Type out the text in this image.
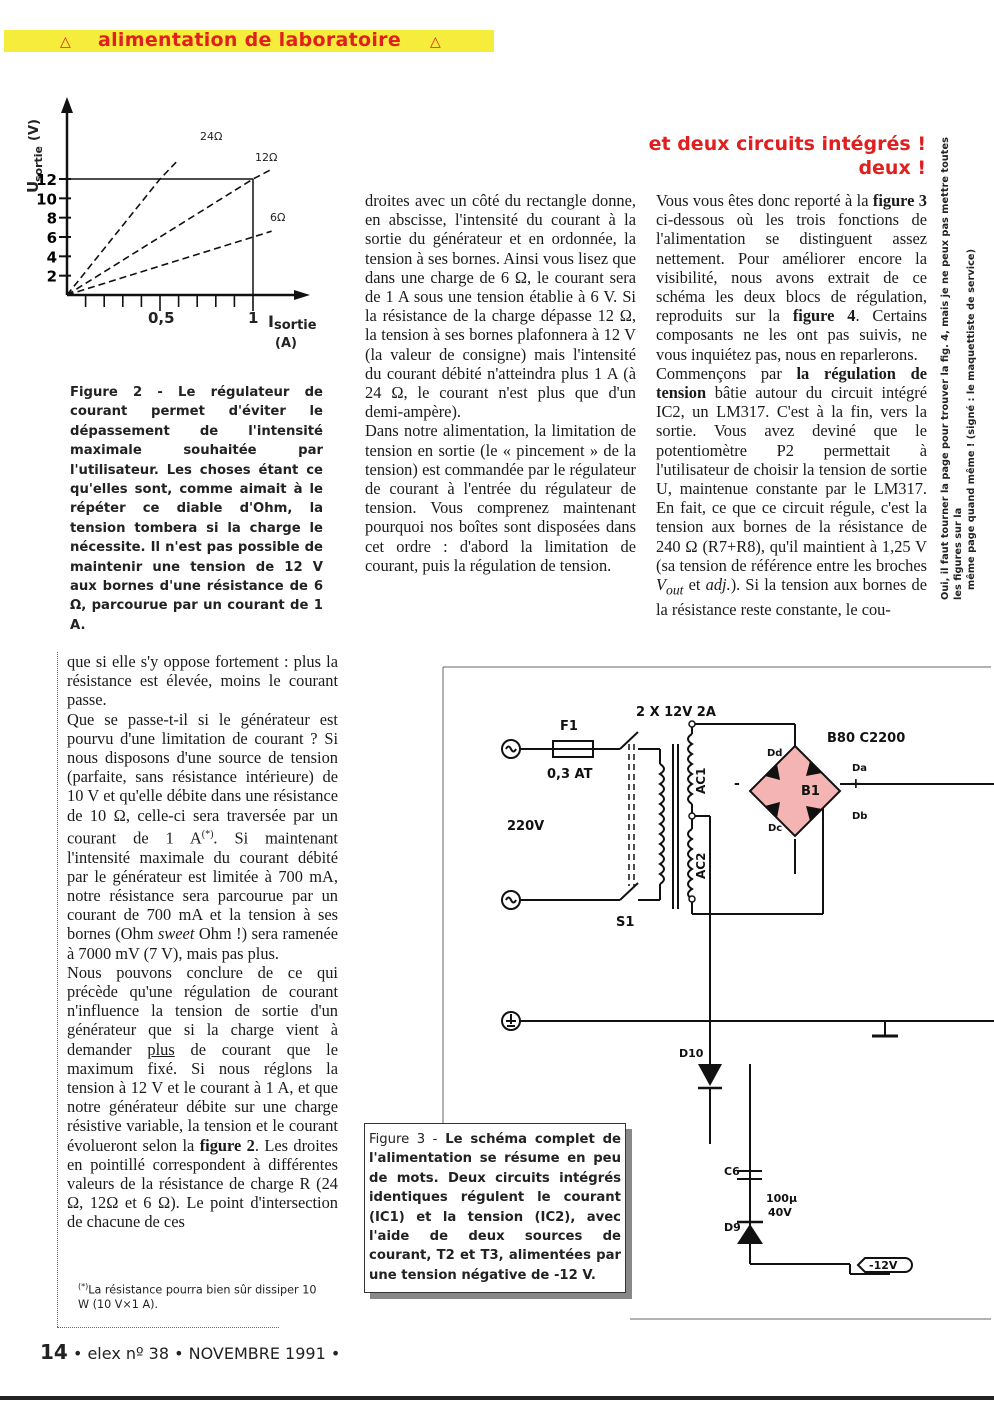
△ alimentation de laboratoire △
U
sortie
(V)
2
4
6
8
10
12
24Ω
12Ω
6Ω
0,5	1 I sortie
(A)
Figure 2 - Le régulateur de courant permet d'éviter le dépassement de l'intensité maximale souhaitée par l'utilisateur. Les choses étant ce qu'elles sont, comme aimait à le répéter ce diable d'Ohm, la tension tombera si la charge le nécessite. Il n'est pas possible de maintenir une tension de 12 V aux bornes d'une résistance de 6 Ω, parcourue par un courant de 1 A.

droites avec un côté du rectangle donne, en abscisse, l'intensité du courant à la sortie du générateur et en ordonnée, la tension à ses bornes. Ainsi vous lisez que dans une charge de 6 Ω, le courant sera de 1 A sous une tension établie à 6 V. Si la résistance de la charge dépasse 12 Ω, la tension à ses bornes plafonnera à 12 V (la valeur de consigne) mais l'intensité du courant débité n'atteindra plus 1 A (à 24 Ω, le courant n'est plus que d'un demi-ampère).

Dans notre alimentation, la limitation de tension en sortie (le « pincement » de la tension) est commandée par le régulateur de courant à l'entrée du régulateur de tension. Vous comprenez maintenant pourquoi nos boîtes sont disposées dans cet ordre : d'abord la limitation de courant, puis la régulation de tension.

et deux circuits intégrés !
deux !

Vous vous êtes donc reporté à la figure 3 ci-dessous où les trois fonctions de l'alimentation se distinguent assez nettement. Pour améliorer encore la visibilité, nous avons extrait de ce schéma les deux blocs de régulation, reproduits sur la figure 4. Certains composants ne les ont pas suivis, ne vous inquiétez pas, nous en reparlerons.

Commençons par la régulation de tension bâtie autour du circuit intégré IC2, un LM317. C'est à la fin, vers la sortie. Vous avez deviné que le potentiomètre P2 permettait à l'utilisateur de choisir la tension de sortie U, maintenue constante par le LM317. En fait, ce que ce circuit régule, c'est la tension aux bornes de la résistance de 240 Ω (R7+R8), qu'il maintient à 1,25 V (sa tension de référence entre les broches $V_{out}$ et adj.). Si la tension aux bornes de la résistance reste constante, le cou-

Oui, il faut tourner la page pour trouver la fig. 4, mais je ne peux pas mettre toutes les figures sur la même page quand même ! (signé : le maquettiste de service)

que si elle s'y oppose fortement : plus la résistance est élevée, moins le courant passe.

Que se passe-t-il si le générateur est pourvu d'une limitation de courant ? Si nous disposons d'une source de tension (parfaite, sans résistance intérieure) de 10 V et qu'elle débite dans une résistance de 10 Ω, celle-ci sera traversée par un courant de 1 A(*). Si maintenant l'intensité maximale du courant débité par le générateur est limitée à 700 mA, notre résistance sera parcourue par un courant de 700 mA et la tension à ses bornes (Ohm sweet Ohm !) sera ramenée à 7000 mV (7 V), mais pas plus.

Nous pouvons conclure de ce qui précède qu'une régulation de courant n'influence la tension de sortie d'un générateur que si la charge vient à demander plus de courant que le maximum fixé. Si nous réglons la tension à 12 V et le courant à 1 A, et que notre générateur débite sur une charge résistive variable, la tension et le courant évolueront selon la figure 2. Les droites en pointillé correspondent à différentes valeurs de la résistance de charge R (24 Ω, 12Ω et 6 Ω). Le point d'intersection de chacune de ces

(*)La résistance pourra bien sûr dissiper 10 W (10 V×1 A).
2 X 12V 2A
F1
0,3 AT
220V
S1
B80 C2200
B1
D10
C6
D9
100µ
40V
-12V
Dd
Da
Db
Dc
+
-
AC1
AC2
Figure 3 - Le schéma complet de l'alimentation se résume en peu de mots. Deux circuits intégrés identiques régulent le courant (IC1) et la tension (IC2), avec l'aide de deux sources de courant, T2 et T3, alimentées par une tension négative de -12 V.
14 • elex nº 38 • NOVEMBRE 1991 •
